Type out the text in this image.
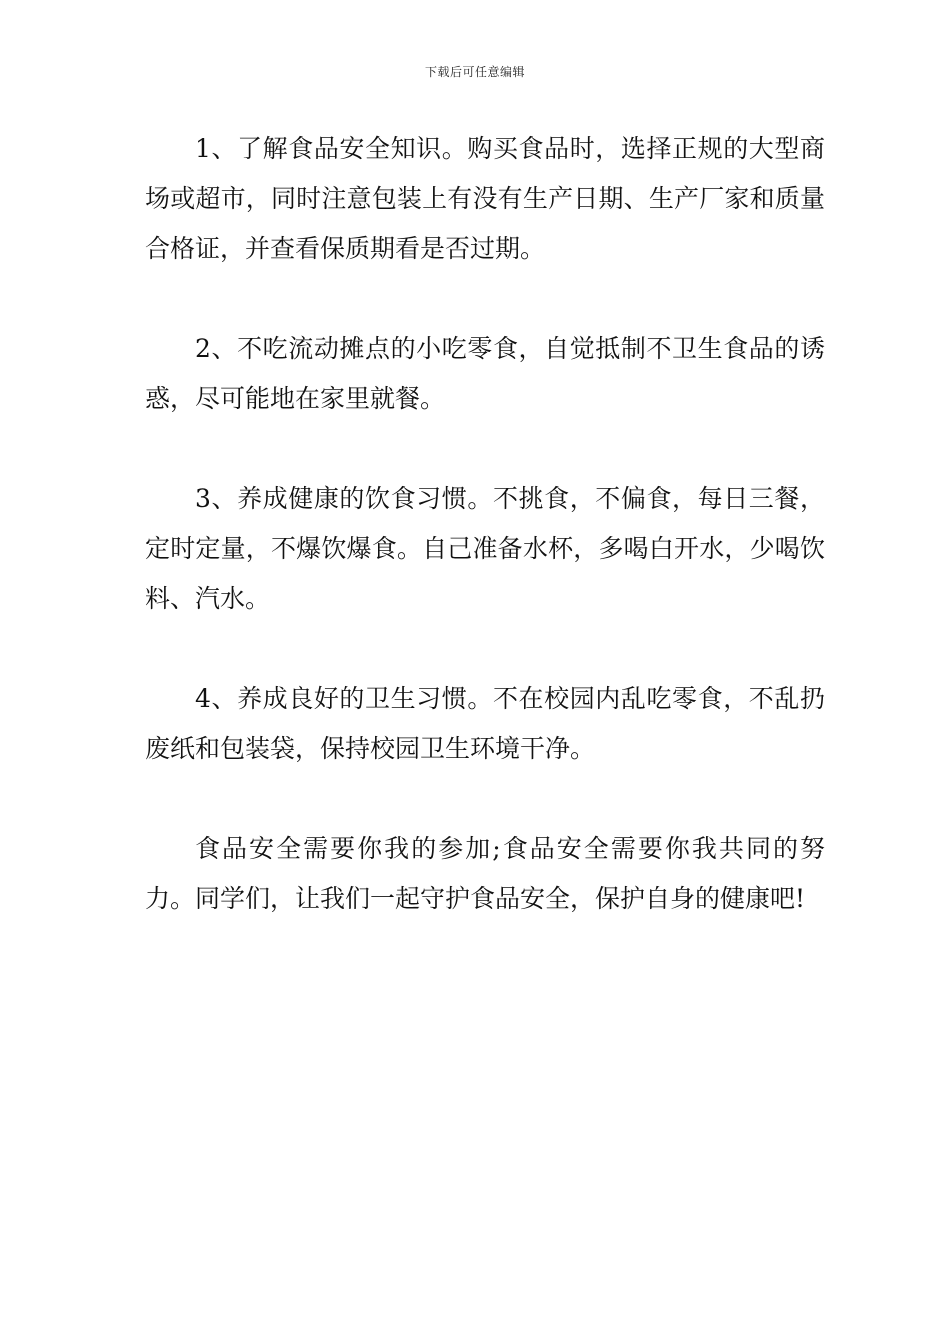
下载后可任意编辑

1、了解食品安全知识。购买食品时，选择正规的大型商场或超市，同时注意包装上有没有生产日期、生产厂家和质量合格证，并查看保质期看是否过期。

2、不吃流动摊点的小吃零食，自觉抵制不卫生食品的诱惑，尽可能地在家里就餐。

3、养成健康的饮食习惯。不挑食，不偏食，每日三餐，定时定量，不爆饮爆食。自己准备水杯，多喝白开水，少喝饮料、汽水。

4、养成良好的卫生习惯。不在校园内乱吃零食，不乱扔废纸和包装袋，保持校园卫生环境干净。

食品安全需要你我的参加;食品安全需要你我共同的努力。同学们，让我们一起守护食品安全，保护自身的健康吧!
